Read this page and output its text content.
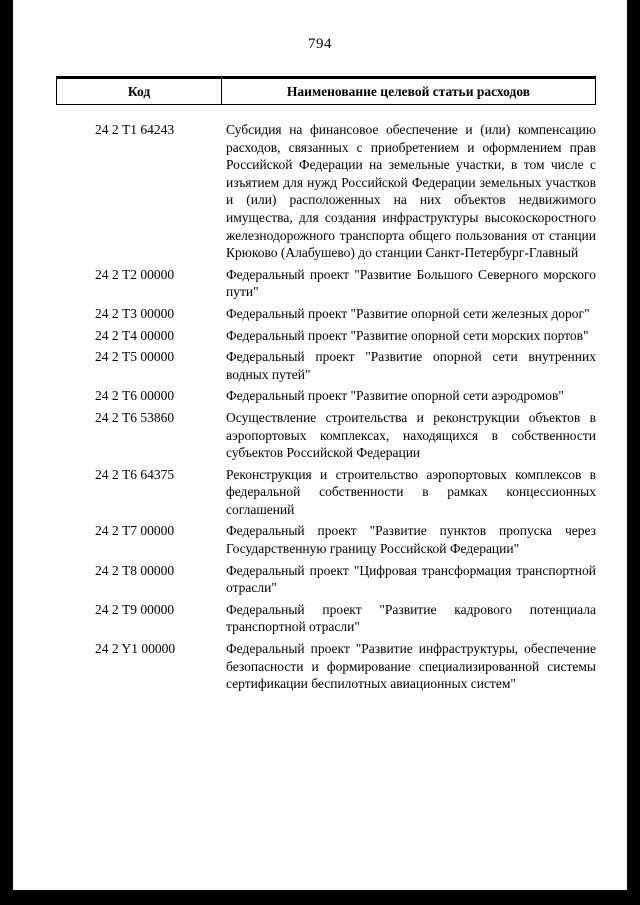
794
Код	Наименование целевой статьи расходов
24 2 Т1 64243	Субсидия на финансовое обеспечение и (или) компенсацию расходов, связанных с приобретением и оформлением прав Российской Федерации на земельные участки, в том числе с изъятием для нужд Российской Федерации земельных участков и (или) расположенных на них объектов недвижимого имущества, для создания инфраструктуры высокоскоростного железнодорожного транспорта общего пользования от станции Крюково (Алабушево) до станции Санкт-Петербург-Главный
24 2 Т2 00000	Федеральный проект "Развитие Большого Северного морского пути"
24 2 Т3 00000	Федеральный проект "Развитие опорной сети железных дорог"
24 2 Т4 00000	Федеральный проект "Развитие опорной сети морских портов"
24 2 Т5 00000	Федеральный проект "Развитие опорной сети внутренних водных путей"
24 2 Т6 00000	Федеральный проект "Развитие опорной сети аэродромов"
24 2 Т6 53860	Осуществление строительства и реконструкции объектов в аэропортовых комплексах, находящихся в собственности субъектов Российской Федерации
24 2 Т6 64375	Реконструкция и строительство аэропортовых комплексов в федеральной собственности в рамках концессионных соглашений
24 2 Т7 00000	Федеральный проект "Развитие пунктов пропуска через Государственную границу Российской Федерации"
24 2 Т8 00000	Федеральный проект "Цифровая трансформация транспортной отрасли"
24 2 Т9 00000	Федеральный проект "Развитие кадрового потенциала транспортной отрасли"
24 2 Y1 00000	Федеральный проект "Развитие инфраструктуры, обеспечение безопасности и формирование специализированной системы сертификации беспилотных авиационных систем"
